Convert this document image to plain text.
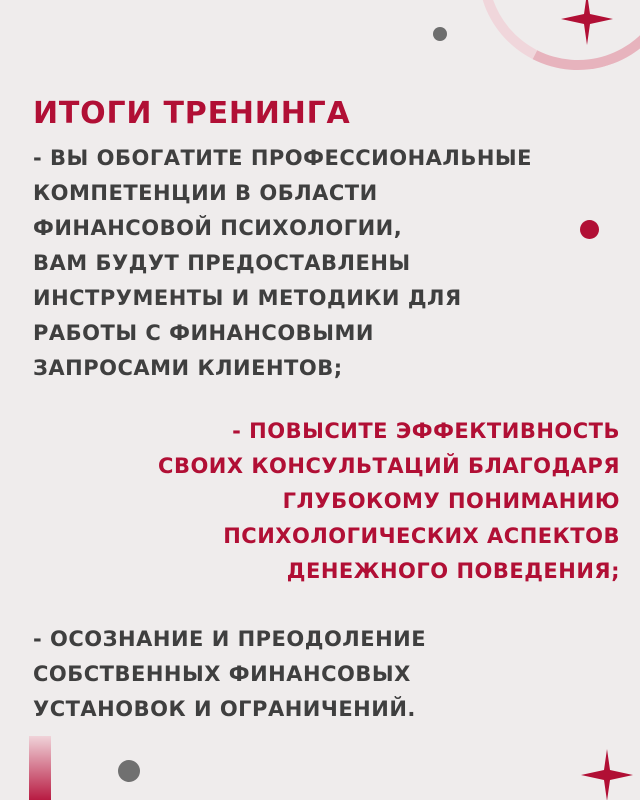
ИТОГИ ТРЕНИНГА
- ВЫ ОБОГАТИТЕ ПРОФЕССИОНАЛЬНЫЕ
КОМПЕТЕНЦИИ В ОБЛАСТИ
ФИНАНСОВОЙ ПСИХОЛОГИИ,
ВАМ БУДУТ ПРЕДОСТАВЛЕНЫ
ИНСТРУМЕНТЫ И МЕТОДИКИ ДЛЯ
РАБОТЫ С ФИНАНСОВЫМИ
ЗАПРОСАМИ КЛИЕНТОВ;
- ПОВЫСИТЕ ЭФФЕКТИВНОСТЬ
СВОИХ КОНСУЛЬТАЦИЙ БЛАГОДАРЯ
ГЛУБОКОМУ ПОНИМАНИЮ
ПСИХОЛОГИЧЕСКИХ АСПЕКТОВ
ДЕНЕЖНОГО ПОВЕДЕНИЯ;
- ОСОЗНАНИЕ И ПРЕОДОЛЕНИЕ
СОБСТВЕННЫХ ФИНАНСОВЫХ
УСТАНОВОК И ОГРАНИЧЕНИЙ.
